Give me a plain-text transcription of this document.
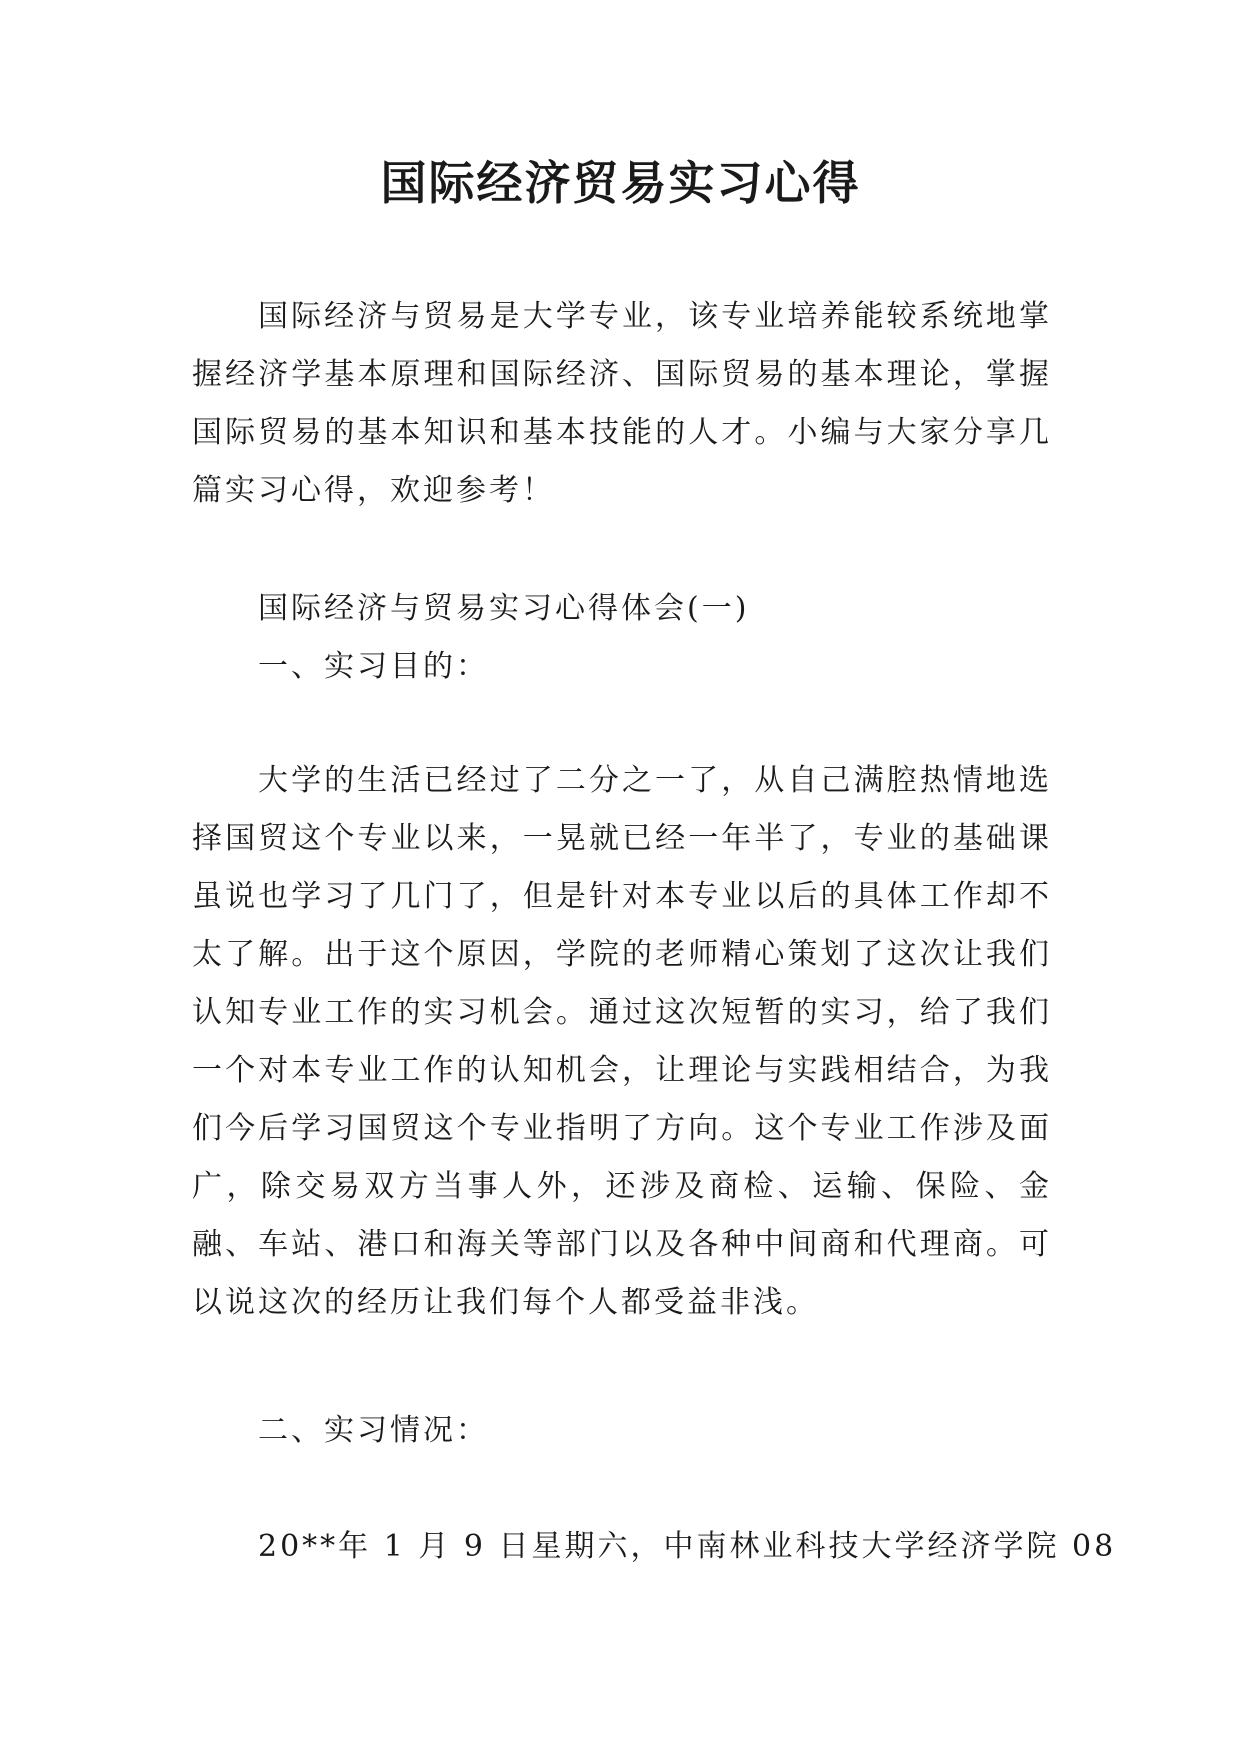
国际经济贸易实习心得

国际经济与贸易是大学专业，该专业培养能较系统地掌握经济学基本原理和国际经济、国际贸易的基本理论，掌握国际贸易的基本知识和基本技能的人才。小编与大家分享几篇实习心得，欢迎参考！

国际经济与贸易实习心得体会(一)

一、实习目的：

大学的生活已经过了二分之一了，从自己满腔热情地选择国贸这个专业以来，一晃就已经一年半了，专业的基础课虽说也学习了几门了，但是针对本专业以后的具体工作却不太了解。出于这个原因，学院的老师精心策划了这次让我们认知专业工作的实习机会。通过这次短暂的实习，给了我们一个对本专业工作的认知机会，让理论与实践相结合，为我们今后学习国贸这个专业指明了方向。这个专业工作涉及面广，除交易双方当事人外，还涉及商检、运输、保险、金融、车站、港口和海关等部门以及各种中间商和代理商。可以说这次的经历让我们每个人都受益非浅。

二、实习情况：

20**年 1 月 9 日星期六，中南林业科技大学经济学院 08
